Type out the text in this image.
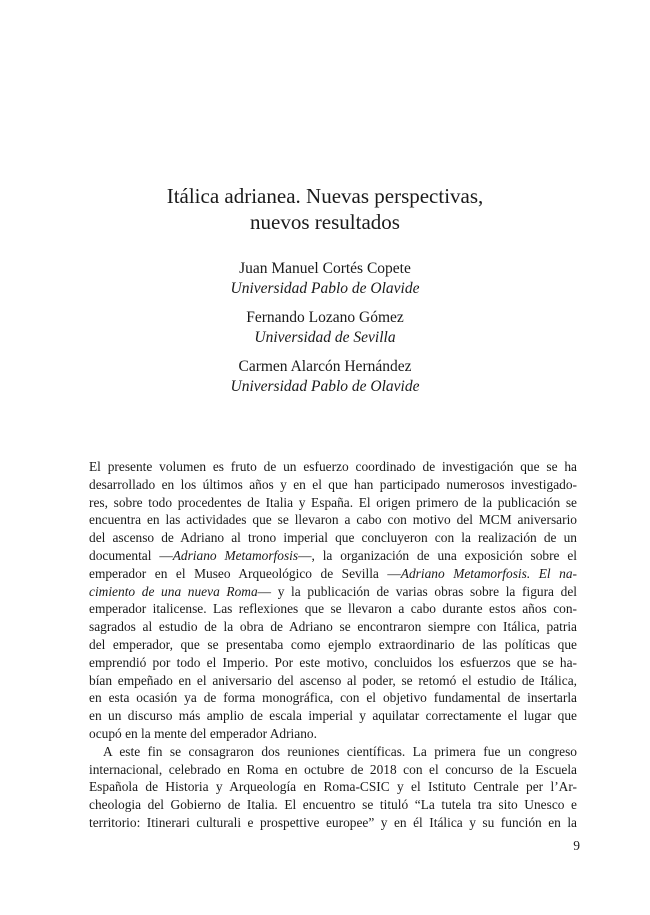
Itálica adrianea. Nuevas perspectivas,
nuevos resultados
Juan Manuel Cortés Copete
Universidad Pablo de Olavide
Fernando Lozano Gómez
Universidad de Sevilla
Carmen Alarcón Hernández
Universidad Pablo de Olavide
El presente volumen es fruto de un esfuerzo coordinado de investigación que se ha
desarrollado en los últimos años y en el que han participado numerosos investigado-
res, sobre todo procedentes de Italia y España. El origen primero de la publicación se
encuentra en las actividades que se llevaron a cabo con motivo del MCM aniversario
del ascenso de Adriano al trono imperial que concluyeron con la realización de un
documental —Adriano Metamorfosis—, la organización de una exposición sobre el
emperador en el Museo Arqueológico de Sevilla —Adriano Metamorfosis. El na-
cimiento de una nueva Roma— y la publicación de varias obras sobre la figura del
emperador italicense. Las reflexiones que se llevaron a cabo durante estos años con-
sagrados al estudio de la obra de Adriano se encontraron siempre con Itálica, patria
del emperador, que se presentaba como ejemplo extraordinario de las políticas que
emprendió por todo el Imperio. Por este motivo, concluidos los esfuerzos que se ha-
bían empeñado en el aniversario del ascenso al poder, se retomó el estudio de Itálica,
en esta ocasión ya de forma monográfica, con el objetivo fundamental de insertarla
en un discurso más amplio de escala imperial y aquilatar correctamente el lugar que
ocupó en la mente del emperador Adriano.
A este fin se consagraron dos reuniones científicas. La primera fue un congreso
internacional, celebrado en Roma en octubre de 2018 con el concurso de la Escuela
Española de Historia y Arqueología en Roma-CSIC y el Istituto Centrale per l’Ar-
cheologia del Gobierno de Italia. El encuentro se tituló “La tutela tra sito Unesco e
territorio: Itinerari culturali e prospettive europee” y en él Itálica y su función en la
9
